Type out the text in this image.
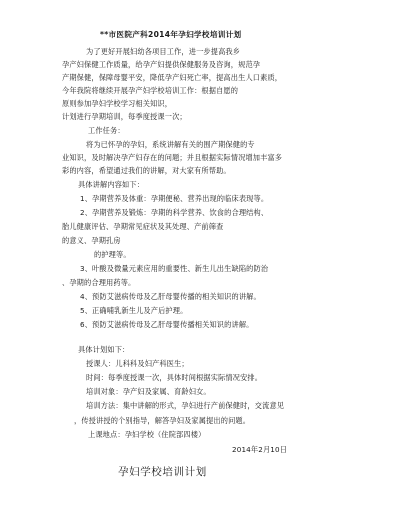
**市医院产科2014年孕妇学校培训计划
为了更好开展妇幼各项目工作，进一步提高我乡
孕产妇保健工作质量，给孕产妇提供保健服务及咨询，规范孕
产期保健，保障母婴平安，降低孕产妇死亡率，提高出生人口素质，
今年我院将继续开展孕产妇学校培训工作：根据自愿的
原则参加孕妇学校学习相关知识，
计划进行孕期培训，每季度授课一次；
工作任务：
将为已怀孕的孕妇，系统讲解有关的围产期保健的专
业知识，及时解决孕产妇存在的问题；并且根据实际情况增加丰富多
彩的内容，希望通过我们的讲解，对大家有所帮助。
具体讲解内容如下：
1、孕期营养及体重：孕期便秘、营养出现的临床表现等。
2、孕期营养及锻炼：孕期的科学营养、饮食的合理结构、
胎儿健康评估、孕期常见症状及其处理、产前筛查
的意义、孕期孔房
的护理等。
3、叶酸及微量元素应用的重要性、新生儿出生缺陷的防治
、孕期的合理用药等。
4、预防艾滋病传母及乙肝母婴传播的相关知识的讲解。
5、正确哺乳新生儿及产后护理。
6、预防艾滋病传母及乙肝母婴传播相关知识的讲解。
具体计划如下：
授课人：儿科科及妇产科医生；
时间：每季度授课一次，具体时间根据实际情况安排。
培训对象：孕产妇及家属、育龄妇女。
培训方法：集中讲解的形式，孕妇进行产前保健时，交流意见
，传授讲授的个别指导，解答孕妇及家属提出的问题。
上课地点：孕妇学校（住院部四楼）
2014年2月10日
孕妇学校培训计划
